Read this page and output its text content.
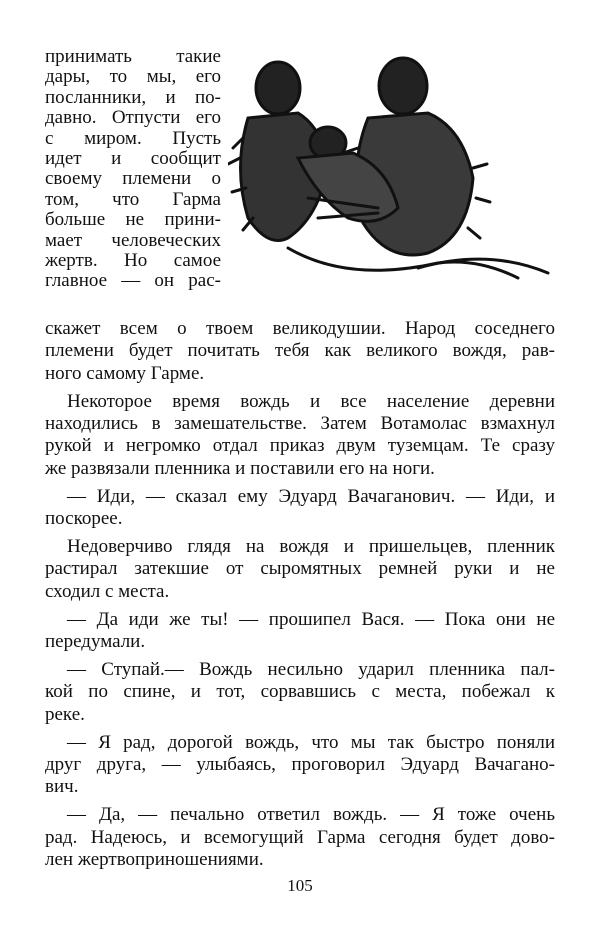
принимать такие
дары, то мы, его
посланники, и по-
давно. Отпусти его
с миром. Пусть
идет и сообщит
своему племени о
том, что Гарма
больше не прини-
мает человеческих
жертв. Но самое
главное — он рас-
скажет всем о твоем великодушии. Народ соседнего
племени будет почитать тебя как великого вождя, рав-
ного самому Гарме.
Некоторое время вождь и все население деревни
находились в замешательстве. Затем Вотамолас взмахнул
рукой и негромко отдал приказ двум туземцам. Те сразу
же развязали пленника и поставили его на ноги.
— Иди, — сказал ему Эдуард Вачаганович. — Иди, и
поскорее.
Недоверчиво глядя на вождя и пришельцев, пленник
растирал затекшие от сыромятных ремней руки и не
сходил с места.
— Да иди же ты! — прошипел Вася. — Пока они не
передумали.
— Ступай.— Вождь несильно ударил пленника пал-
кой по спине, и тот, сорвавшись с места, побежал к
реке.
— Я рад, дорогой вождь, что мы так быстро поняли
друг друга, — улыбаясь, проговорил Эдуард Вачагано-
вич.
— Да, — печально ответил вождь. — Я тоже очень
рад. Надеюсь, и всемогущий Гарма сегодня будет дово-
лен жертвоприношениями.
105
